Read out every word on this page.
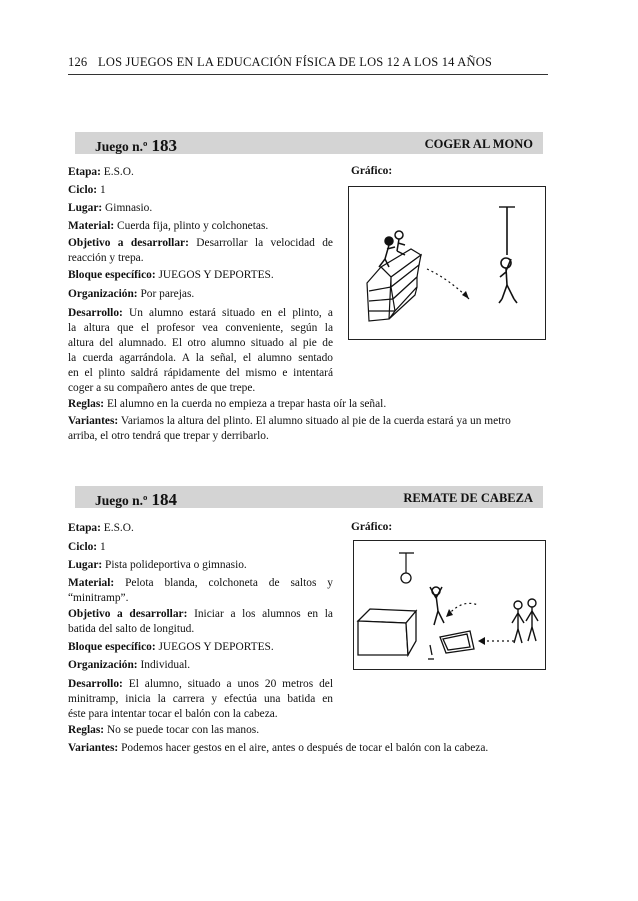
126 LOS JUEGOS EN LA EDUCACIÓN FÍSICA DE LOS 12 A LOS 14 AÑOS
Juego n.º 183	COGER AL MONO
Etapa: E.S.O.	Gráfico:
Ciclo: 1
Lugar: Gimnasio.
Material: Cuerda fija, plinto y colchonetas.
Objetivo a desarrollar: Desarrollar la velocidad de
reacción y trepa.
Bloque específico: JUEGOS Y DEPORTES.
Organización: Por parejas.
Desarrollo: Un alumno estará situado en el plinto, a
la altura que el profesor vea conveniente, según la
altura del alumnado. El otro alumno situado al pie de
la cuerda agarrándola. A la señal, el alumno sentado
en el plinto saldrá rápidamente del mismo e intentará
coger a su compañero antes de que trepe.
Reglas: El alumno en la cuerda no empieza a trepar hasta oír la señal.
Variantes: Variamos la altura del plinto. El alumno situado al pie de la cuerda estará ya un metro
arriba, el otro tendrá que trepar y derribarlo.
Juego n.º 184	REMATE DE CABEZA
Etapa: E.S.O.	Gráfico:
Ciclo: 1
Lugar: Pista polideportiva o gimnasio.
Material: Pelota blanda, colchoneta de saltos y
“minitramp”.
Objetivo a desarrollar: Iniciar a los alumnos en la
batida del salto de longitud.
Bloque específico: JUEGOS Y DEPORTES.
Organización: Individual.
Desarrollo: El alumno, situado a unos 20 metros del
minitramp, inicia la carrera y efectúa una batida en
éste para intentar tocar el balón con la cabeza.
Reglas: No se puede tocar con las manos.
Variantes: Podemos hacer gestos en el aire, antes o después de tocar el balón con la cabeza.
